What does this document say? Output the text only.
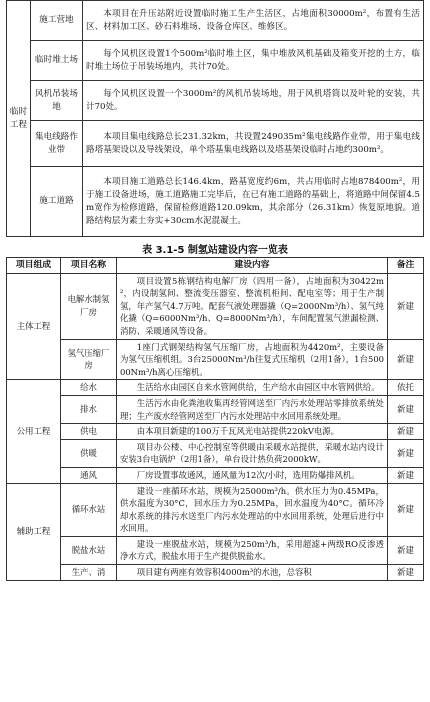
临时工程	施工营地	本项目在升压站附近设置临时施工生产生活区，占地面积30000m²，布置有生活区、材料加工区、砂石料堆场、设备仓库区、维修区。
	临时堆土场	每个风机区设置1个500m²临时堆土区，集中堆放风机基础及箱变开挖的土方，临时堆土场位于吊装场地内，共计70处。
	风机吊装场地	每个风机区设置一个3000m²的风机吊装场地，用于风机塔筒以及叶轮的安装，共计70处。
	集电线路作业带	本项目集电线路总长231.32km，共设置249035m²集电线路作业带，用于集电线路塔基架设以及导线架设，单个塔基集电线路以及塔基架设临时占地约300m²。
	施工道路	本项目施工道路总长146.4km，路基宽度约6m，共占用临时占地878400m²，用于施工设备进场，施工道路施工完毕后，在已有施工道路的基础上，将道路中间保留4.5m宽作为检修道路，保留检修道路120.09km，其余部分（26.31km）恢复原地貌。道路结构层为素土夯实+30cm水泥混凝土。
表 3.1-5 制氢站建设内容一览表
项目组成	项目名称	建设内容	备注
主体工程	电解水制氢厂房	项目设置5栋钢结构电解厂房（四用一备），占地面积为30422m²，内设制氢间、整流变压器室、整流机柜间、配电室等；用于生产制氢，年产氢气4.7万吨。配套气液处理器撬（Q=2000Nm³/h）、氢气纯化撬（Q=6000Nm³/h、Q=8000Nm³/h），车间配置氢气泄漏检测、消防、采暖通风等设备。	新建
	氢气压缩厂房	1座门式钢架结构氢气压缩厂房，占地面积为4420m²，主要设备为氢气压缩机组。3台25000Nm³/h往复式压缩机（2用1备），1台50000Nm³/h离心压缩机。	新建
公用工程	给水	生活给水由园区自来水管网供给，生产给水由园区中水管网供给。	依托
	排水	生活污水由化粪池收集再经管网送至厂内污水处理站零排放系统处理；生产废水经管网送至厂内污水处理站中水回用系统处理。	新建
	供电	由本项目新建的100万千瓦风光电站提供220kV电源。	新建
	供暖	项目办公楼、中心控制室等供暖由采暖水站提供，采暖水站内设计安装3台电锅炉（2用1备），单台设计热负荷2000kW。	新建
	通风	厂房设置事故通风，通风量为12次/小时，选用防爆排风机。	新建
辅助工程	循环水站	建设一座循环水站，规模为25000m³/h。供水压力为0.45MPa，供水温度为30°C，回水压力为0.25MPa，回水温度为40°C。循环冷却水系统的排污水送至厂内污水处理站的中水回用系统，处理后进行中水回用。	新建
	脱盐水站	建设一座脱盐水站，规模为250m³/h，采用超滤+两级RO反渗透净水方式，脱盐水用于生产提供脱盐水。	新建
	生产、消	项目建有两座有效容积4000m³的水池，总容积	新建
